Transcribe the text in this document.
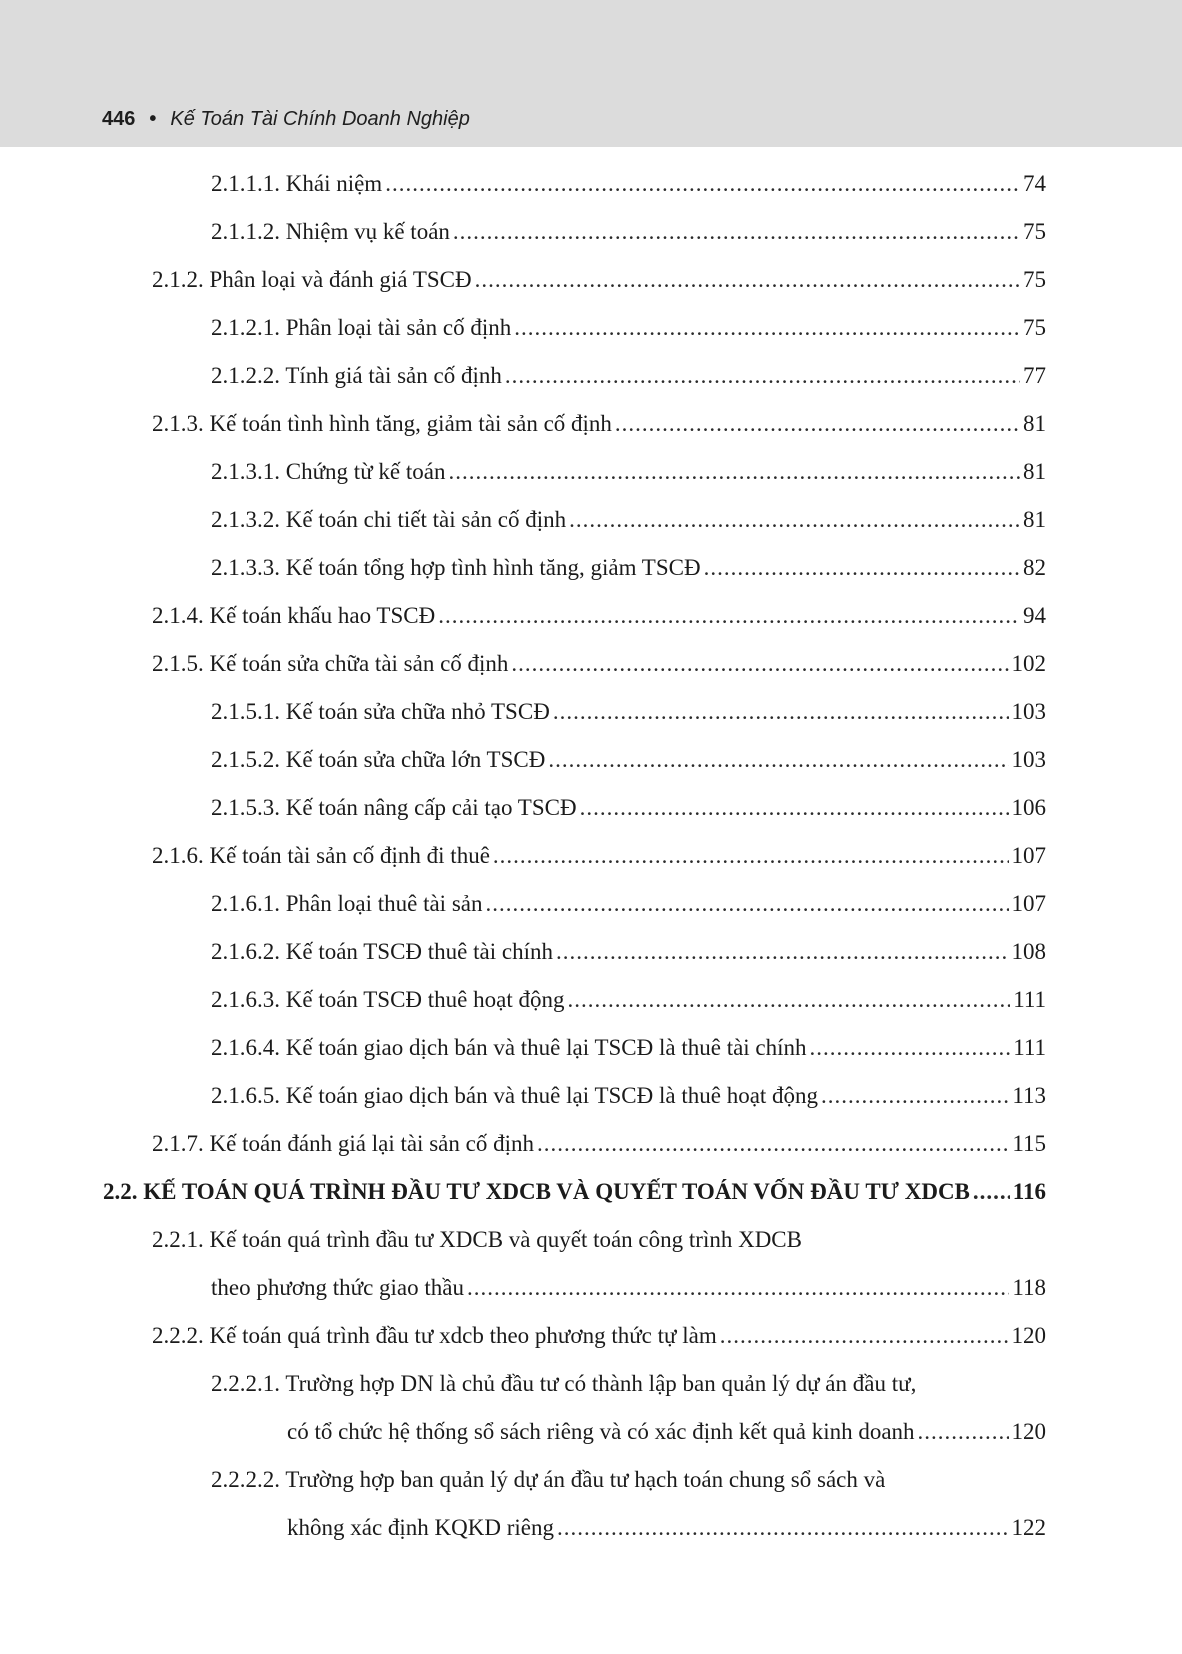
446 • Kế Toán Tài Chính Doanh Nghiệp
2.1.1.1. Khái niệm .....	74
2.1.1.2. Nhiệm vụ kế toán .....	75
2.1.2. Phân loại và đánh giá TSCĐ .....	75
2.1.2.1. Phân loại tài sản cố định .....	75
2.1.2.2. Tính giá tài sản cố định .....	77
2.1.3. Kế toán tình hình tăng, giảm tài sản cố định .....	81
2.1.3.1. Chứng từ kế toán .....	81
2.1.3.2. Kế toán chi tiết tài sản cố định .....	81
2.1.3.3. Kế toán tổng hợp tình hình tăng, giảm TSCĐ .....	82
2.1.4. Kế toán khấu hao TSCĐ .....	94
2.1.5. Kế toán sửa chữa tài sản cố định .....	102
2.1.5.1. Kế toán sửa chữa nhỏ TSCĐ .....	103
2.1.5.2. Kế toán sửa chữa lớn TSCĐ .....	103
2.1.5.3. Kế toán nâng cấp cải tạo TSCĐ .....	106
2.1.6. Kế toán tài sản cố định đi thuê .....	107
2.1.6.1. Phân loại thuê tài sản .....	107
2.1.6.2. Kế toán TSCĐ thuê tài chính .....	108
2.1.6.3. Kế toán TSCĐ thuê hoạt động .....	111
2.1.6.4. Kế toán giao dịch bán và thuê lại TSCĐ là thuê tài chính .....	111
2.1.6.5. Kế toán giao dịch bán và thuê lại TSCĐ là thuê hoạt động .....	113
2.1.7. Kế toán đánh giá lại tài sản cố định .....	115
2.2. KẾ TOÁN QUÁ TRÌNH ĐẦU TƯ XDCB VÀ QUYẾT TOÁN VỐN ĐẦU TƯ XDCB ..... 116
2.2.1. Kế toán quá trình đầu tư XDCB và quyết toán công trình XDCB
theo phương thức giao thầu .....	118
2.2.2. Kế toán quá trình đầu tư xdcb theo phương thức tự làm .....	120
2.2.2.1. Trường hợp DN là chủ đầu tư có thành lập ban quản lý dự án đầu tư,
có tổ chức hệ thống sổ sách riêng và có xác định kết quả kinh doanh .....	120
2.2.2.2. Trường hợp ban quản lý dự án đầu tư hạch toán chung sổ sách và
không xác định KQKD riêng .....	122
